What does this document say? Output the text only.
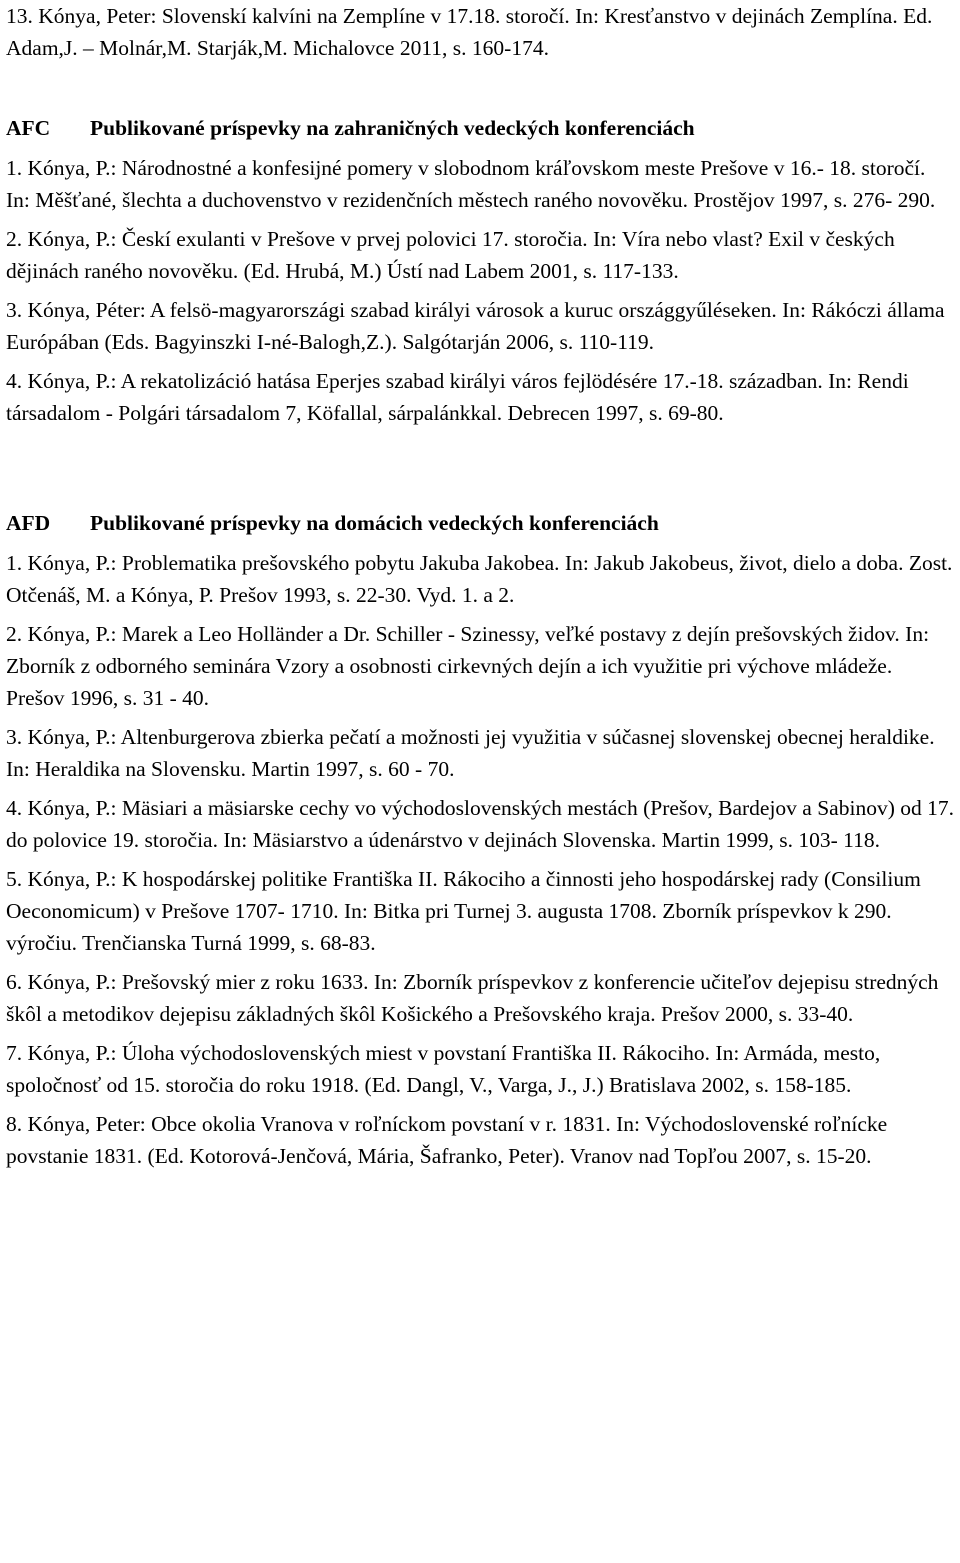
13. Kónya, Peter: Slovenskí kalvíni na Zemplíne v 17.18. storočí. In: Kresťanstvo v dejinách Zemplína. Ed. Adam,J. – Molnár,M. Starják,M. Michalovce 2011, s. 160-174.

AFC	Publikované príspevky na zahraničných vedeckých konferenciách

1. Kónya, P.: Národnostné a konfesijné pomery v slobodnom kráľovskom meste Prešove v 16.- 18. storočí. In: Měšťané, šlechta a duchovenstvo v rezidenčních městech raného novověku. Prostějov 1997, s. 276- 290.

2. Kónya, P.: Českí exulanti v Prešove v prvej polovici 17. storočia. In: Víra nebo vlast? Exil v českých dějinách raného novověku. (Ed. Hrubá, M.) Ústí nad Labem 2001, s. 117-133.

3. Kónya, Péter: A felsö-magyarországi szabad királyi városok a kuruc országgyűléseken. In: Rákóczi állama Európában (Eds. Bagyinszki I-né-Balogh,Z.). Salgótarján 2006, s. 110-119.

4. Kónya, P.: A rekatolizáció hatása Eperjes szabad királyi város fejlödésére 17.-18. században. In: Rendi társadalom - Polgári társadalom 7, Köfallal, sárpalánkkal. Debrecen 1997, s. 69-80.

AFD	Publikované príspevky na domácich vedeckých konferenciách

1. Kónya, P.: Problematika prešovského pobytu Jakuba Jakobea. In: Jakub Jakobeus, život, dielo a doba. Zost. Otčenáš, M. a Kónya, P. Prešov 1993, s. 22-30. Vyd. 1. a 2.

2. Kónya, P.: Marek a Leo Holländer a Dr. Schiller - Szinessy, veľké postavy z dejín prešovských židov. In: Zborník z odborného seminára Vzory a osobnosti cirkevných dejín a ich využitie pri výchove mládeže. Prešov 1996, s. 31 - 40.

3. Kónya, P.: Altenburgerova zbierka pečatí a možnosti jej využitia v súčasnej slovenskej obecnej heraldike. In: Heraldika na Slovensku. Martin 1997, s. 60 - 70.

4. Kónya, P.: Mäsiari a mäsiarske cechy vo východoslovenských mestách (Prešov, Bardejov a Sabinov) od 17. do polovice 19. storočia. In: Mäsiarstvo a údenárstvo v dejinách Slovenska. Martin 1999, s. 103- 118.

5. Kónya, P.: K hospodárskej politike Františka II. Rákociho a činnosti jeho hospodárskej rady (Consilium Oeconomicum) v Prešove 1707- 1710. In: Bitka pri Turnej 3. augusta 1708. Zborník príspevkov k 290. výročiu. Trenčianska Turná 1999, s. 68-83.

6. Kónya, P.: Prešovský mier z roku 1633. In: Zborník príspevkov z konferencie učiteľov dejepisu stredných škôl a metodikov dejepisu základných škôl Košického a Prešovského kraja. Prešov 2000, s. 33-40.

7. Kónya, P.: Úloha východoslovenských miest v povstaní Františka II. Rákociho. In: Armáda, mesto, spoločnosť od 15. storočia do roku 1918. (Ed. Dangl, V., Varga, J., J.) Bratislava 2002, s. 158-185.

8. Kónya, Peter: Obce okolia Vranova v roľníckom povstaní v r. 1831. In: Východoslovenské roľnícke povstanie 1831. (Ed. Kotorová-Jenčová, Mária, Šafranko, Peter). Vranov nad Topľou 2007, s. 15-20.
